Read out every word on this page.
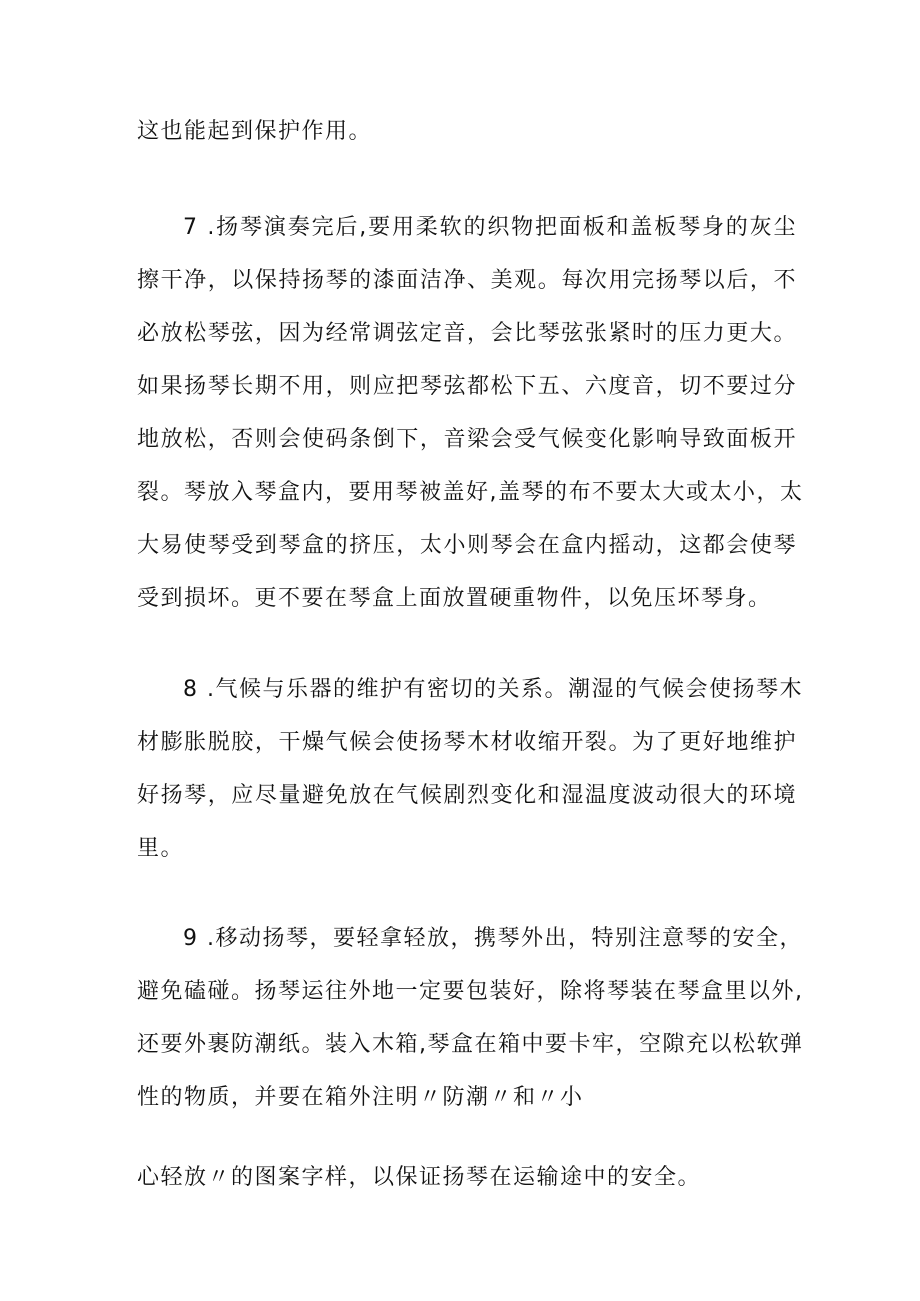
这也能起到保护作用。
7 .扬琴演奏完后,要用柔软的织物把面板和盖板琴身的灰尘
擦干净，以保持扬琴的漆面洁净、美观。每次用完扬琴以后，不
必放松琴弦，因为经常调弦定音，会比琴弦张紧时的压力更大。
如果扬琴长期不用，则应把琴弦都松下五、六度音，切不要过分
地放松，否则会使码条倒下，音梁会受气候变化影响导致面板开
裂。琴放入琴盒内，要用琴被盖好,盖琴的布不要太大或太小，太
大易使琴受到琴盒的挤压，太小则琴会在盒内摇动，这都会使琴
受到损坏。更不要在琴盒上面放置硬重物件，以免压坏琴身。
8 .气候与乐器的维护有密切的关系。潮湿的气候会使扬琴木
材膨胀脱胶，干燥气候会使扬琴木材收缩开裂。为了更好地维护
好扬琴，应尽量避免放在气候剧烈变化和湿温度波动很大的环境
里。
9 .移动扬琴，要轻拿轻放，携琴外出，特别注意琴的安全，
避免磕碰。扬琴运往外地一定要包装好，除将琴装在琴盒里以外,
还要外裹防潮纸。装入木箱,琴盒在箱中要卡牢，空隙充以松软弹
性的物质，并要在箱外注明〃防潮〃和〃小
心轻放〃的图案字样，以保证扬琴在运输途中的安全。
